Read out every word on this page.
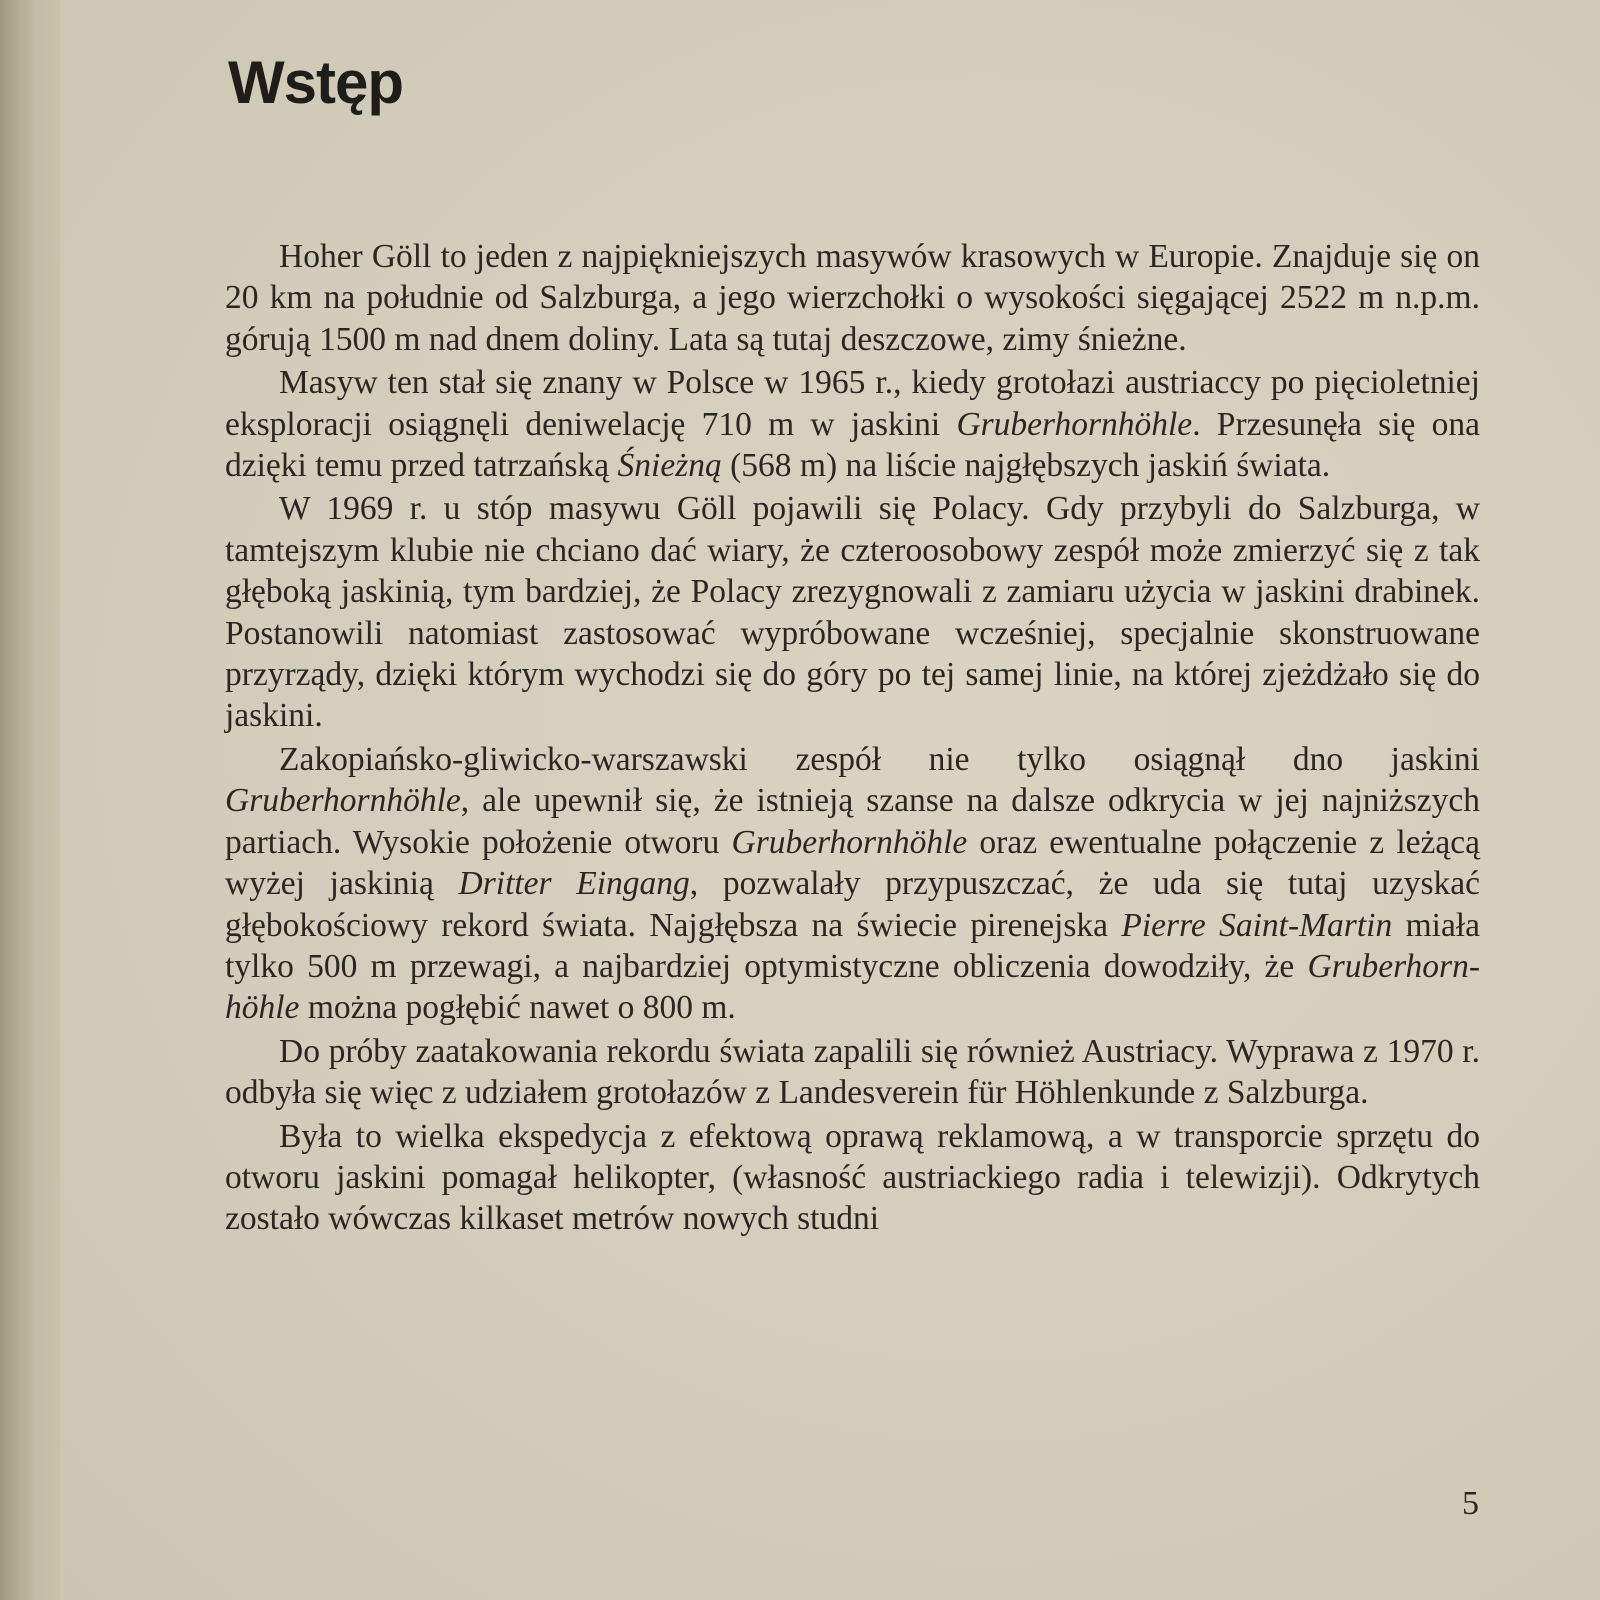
Wstęp

Hoher Göll to jeden z najpiękniejszych masywów krasowych w Europie. Znajduje się on 20 km na południe od Salzburga, a jego wierzchołki o wysokości sięgającej 2522 m n.p.m. górują 1500 m nad dnem doliny. Lata są tutaj deszczowe, zimy śnieżne.

Masyw ten stał się znany w Polsce w 1965 r., kiedy grotołazi austriaccy po pięcioletniej eksploracji osiągnęli deniwelację 710 m w jaskini Gruberhornhöhle. Przesunęła się ona dzięki temu przed tatrzańską Śnieżną (568 m) na liście najgłębszych jaskiń świata.

W 1969 r. u stóp masywu Göll pojawili się Polacy. Gdy przybyli do Salzburga, w tamtejszym klubie nie chciano dać wiary, że czteroosobowy zespół może zmierzyć się z tak głęboką jaskinią, tym bardziej, że Polacy zrezygnowali z zamiaru użycia w jaskini drabinek. Postanowili natomiast zastosować wypróbowane wcześniej, specjalnie skonstruowane przyrządy, dzięki którym wychodzi się do góry po tej samej linie, na której zjeżdżało się do jaskini.

Zakopiańsko-gliwicko-warszawski zespół nie tylko osiągnął dno jaskini Gruberhornhöhle, ale upewnił się, że istnieją szanse na dalsze odkrycia w jej najniższych partiach. Wysokie położenie otworu Gruberhornhöhle oraz ewentualne połączenie z leżącą wyżej jaskinią Dritter Eingang, pozwalały przypuszczać, że uda się tutaj uzyskać głębokościowy rekord świata. Najgłębsza na świecie pirenejska Pierre Saint-Martin miała tylko 500 m przewagi, a najbardziej optymistyczne obliczenia dowodziły, że Gruberhornhöhle można pogłębić nawet o 800 m.

Do próby zaatakowania rekordu świata zapalili się również Austriacy. Wyprawa z 1970 r. odbyła się więc z udziałem grotołazów z Landesverein für Höhlenkunde z Salzburga.

Była to wielka ekspedycja z efektową oprawą reklamową, a w transporcie sprzętu do otworu jaskini pomagał helikopter, (własność austriackiego radia i telewizji). Odkrytych zostało wówczas kilkaset metrów nowych studni

5
